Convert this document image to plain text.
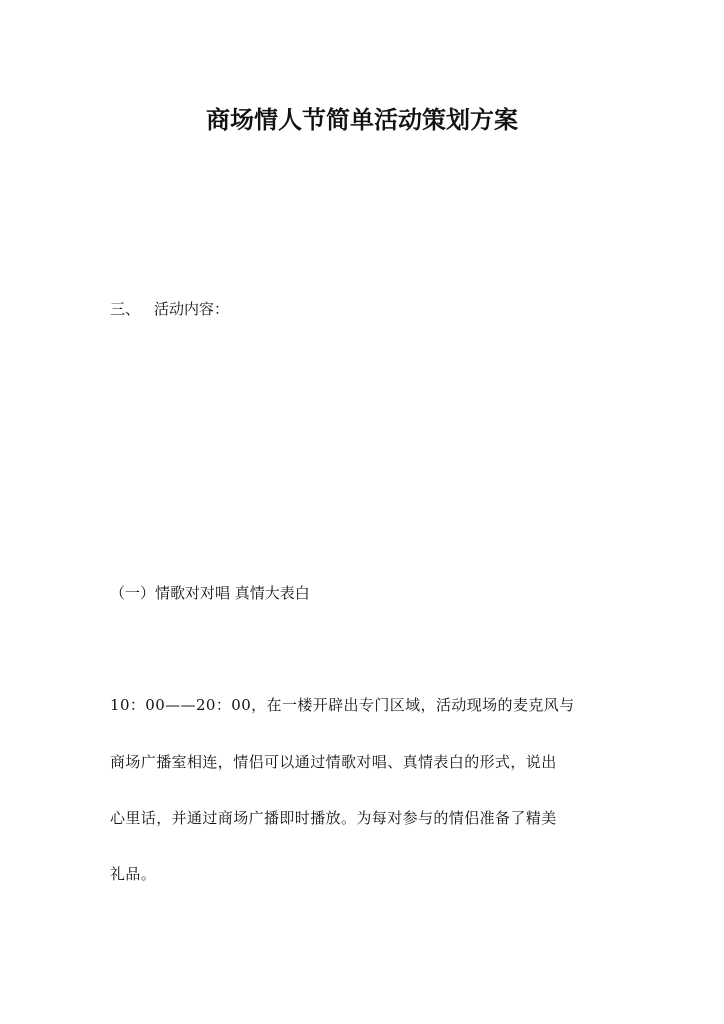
商场情人节简单活动策划方案

三、 活动内容：

（一）情歌对对唱 真情大表白

10：00——20：00，在一楼开辟出专门区域，活动现场的麦克风与

商场广播室相连，情侣可以通过情歌对唱、真情表白的形式，说出

心里话，并通过商场广播即时播放。为每对参与的情侣准备了精美

礼品。
